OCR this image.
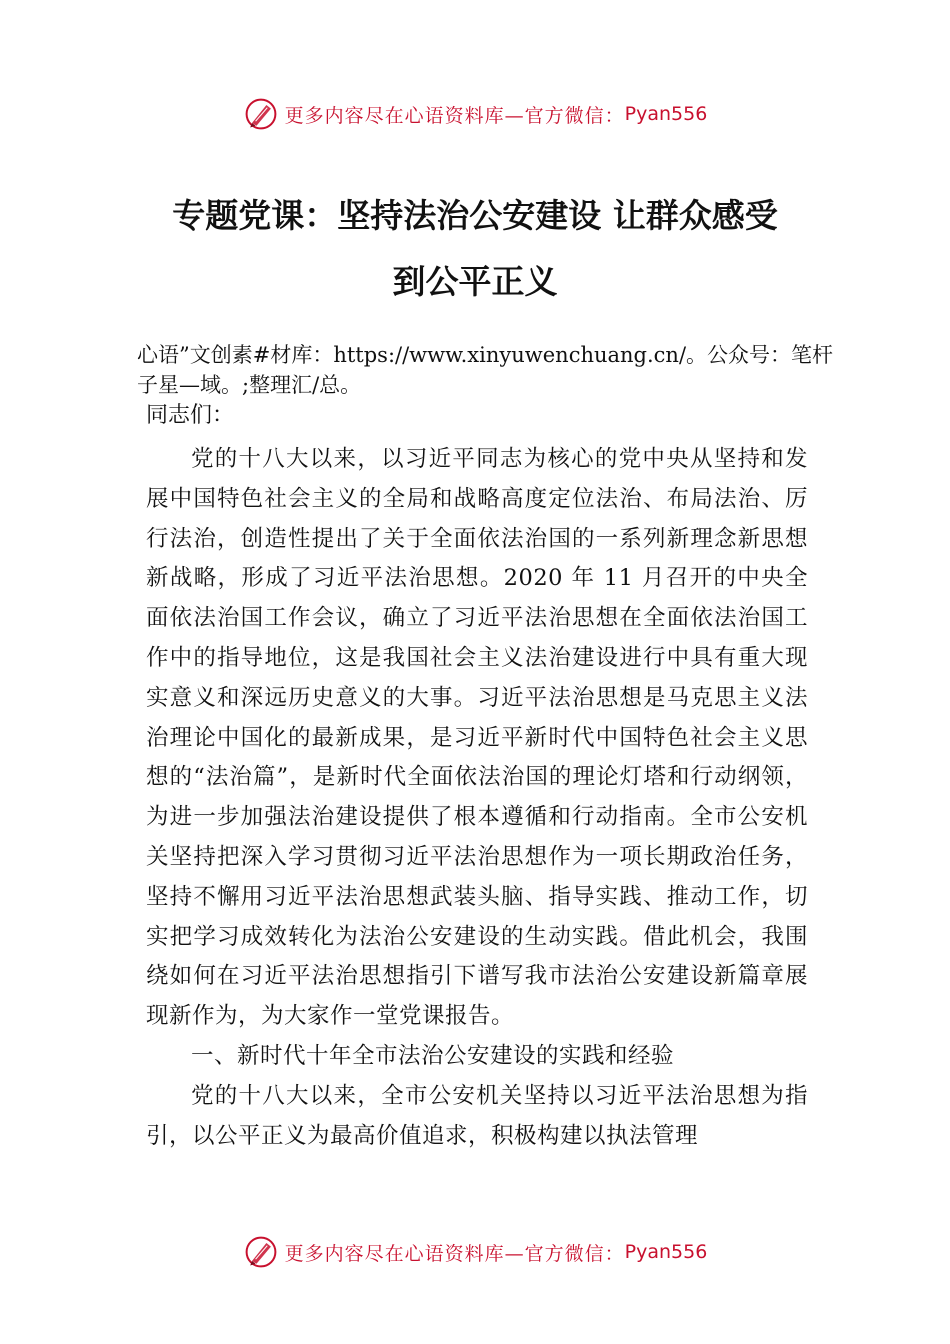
更多内容尽在心语资料库—官方微信： Pyan556
专题党课：坚持法治公安建设 让群众感受
到公平正义
心语”文创素#材库：https://www.xinyuwenchuang.cn/。公众号：笔杆子星—域。;整理汇/总。
同志们：

党的十八大以来，以习近平同志为核心的党中央从坚持和发展中国特色社会主义的全局和战略高度定位法治、布局法治、厉行法治，创造性提出了关于全面依法治国的一系列新理念新思想新战略，形成了习近平法治思想。2020 年 11 月召开的中央全面依法治国工作会议，确立了习近平法治思想在全面依法治国工作中的指导地位，这是我国社会主义法治建设进行中具有重大现实意义和深远历史意义的大事。习近平法治思想是马克思主义法治理论中国化的最新成果，是习近平新时代中国特色社会主义思想的“法治篇”，是新时代全面依法治国的理论灯塔和行动纲领，为进一步加强法治建设提供了根本遵循和行动指南。全市公安机关坚持把深入学习贯彻习近平法治思想作为一项长期政治任务，坚持不懈用习近平法治思想武装头脑、指导实践、推动工作，切实把学习成效转化为法治公安建设的生动实践。借此机会，我围绕如何在习近平法治思想指引下谱写我市法治公安建设新篇章展现新作为，为大家作一堂党课报告。

一、新时代十年全市法治公安建设的实践和经验

党的十八大以来，全市公安机关坚持以习近平法治思想为指引，以公平正义为最高价值追求，积极构建以执法管理

更多内容尽在心语资料库—官方微信： Pyan556
